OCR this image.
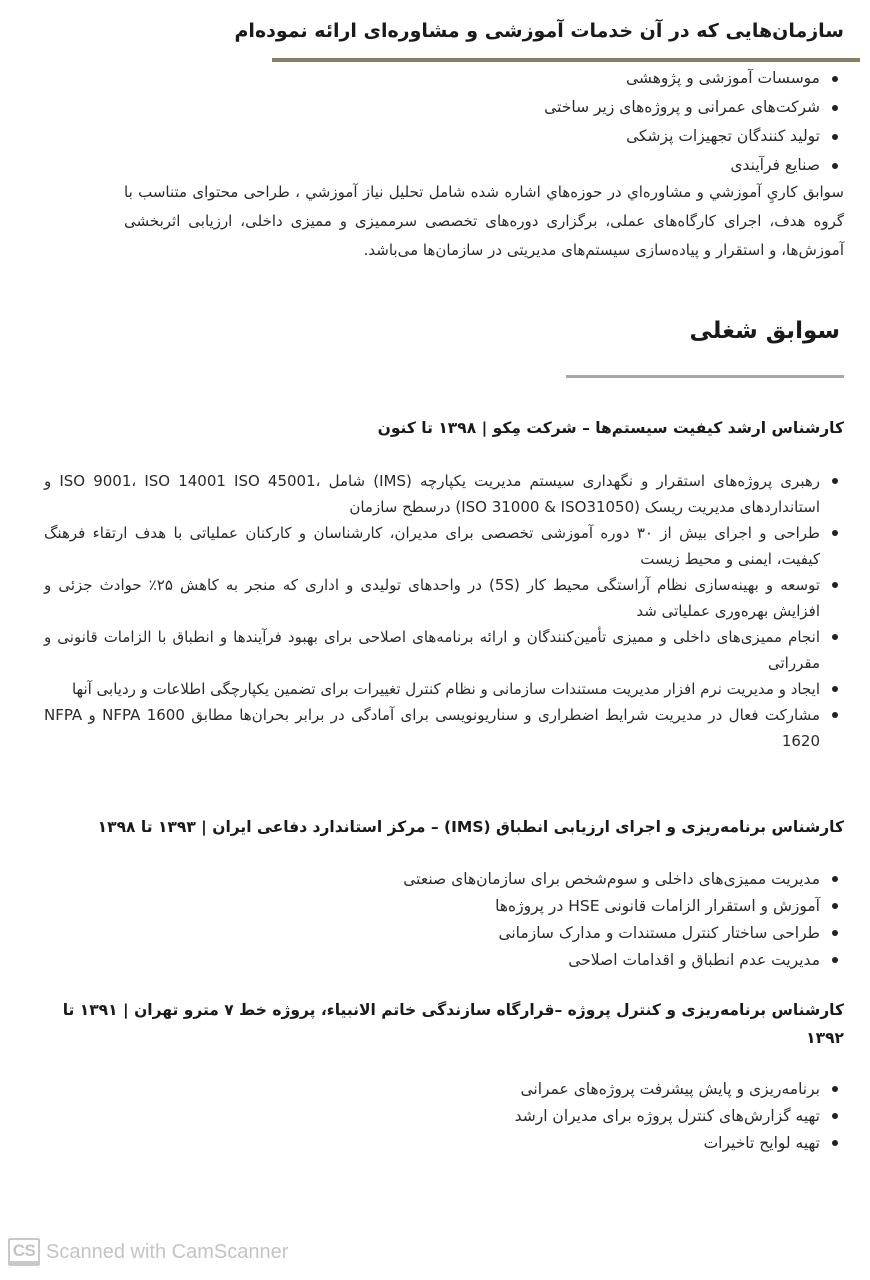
سازمان‌هایی که در آن خدمات آموزشی و مشاوره‌ای ارائه نموده‌ام
موسسات آموزشی و پژوهشی
شرکت‌های عمرانی و پروژه‌های زیر ساختی
تولید کنندگان تجهیزات پزشکی
صنایع فرآیندی

سوابق كاريِ آموزشي و مشاوره‌اي در حوزه‌هاي اشاره شده شامل تحليل نياز آموزشي ، طراحی محتوای متناسب با گروه هدف، اجرای کارگاه‌های عملی، برگزاری دوره‌های تخصصی سرممیزی و ممیزی داخلی، ارزیابی اثربخشی آموزش‌ها، و استقرار و پیاده‌سازی سیستم‌های مدیریتی در سازمان‌ها می‌باشد.

سوابق شغلی
کارشناس ارشد کیفیت سیستم‌ها – شرکت مِکو | ۱۳۹۸ تا کنون
رهبری پروژه‌های استقرار و نگهداری سیستم مدیریت یکپارچه (IMS) شامل ،ISO 9001، ISO 14001 ISO 45001 و استانداردهای مدیریت ریسک (ISO 31000 & ISO31050) درسطح سازمان
طراحی و اجرای بیش از ۳۰ دوره آموزشی تخصصی برای مدیران، کارشناسان و کارکنان عملیاتی با هدف ارتقاء فرهنگ کیفیت، ایمنی و محیط زیست
توسعه و بهینه‌سازی نظام آراستگی محیط کار (5S) در واحدهای تولیدی و اداری که منجر به کاهش ۲۵٪ حوادث جزئی و افزایش بهره‌وری عملیاتی شد
انجام ممیزی‌های داخلی و ممیزی تأمین‌کنندگان و ارائه برنامه‌های اصلاحی برای بهبود فرآیندها و انطباق با الزامات قانونی و مقرراتی
ایجاد و مدیریت نرم افزار مدیریت مستندات سازمانی و نظام کنترل تغییرات برای تضمین یکپارچگی اطلاعات و ردیابی آنها
مشارکت فعال در مدیریت شرایط اضطراری و سناریونویسی برای آمادگی در برابر بحران‌ها مطابق NFPA 1600 و NFPA 1620
کارشناس برنامه‌ریزی و اجرای ارزیابی انطباق (IMS) – مرکز استاندارد دفاعی ایران | ۱۳۹۳ تا ۱۳۹۸
مدیریت ممیزی‌های داخلی و سوم‌شخص برای سازمان‌های صنعتی
آموزش و استقرار الزامات قانونی HSE در پروژه‌ها
طراحی ساختار کنترل مستندات و مدارک سازمانی
مدیریت عدم انطباق و اقدامات اصلاحی
کارشناس برنامه‌ریزی و کنترل پروژه –قرارگاه سازندگی خاتم الانبیاء، پروژه خط ۷ مترو تهران | ۱۳۹۱ تا ۱۳۹۲
برنامه‌ریزی و پایش پیشرفت پروژه‌های عمرانی
تهیه گزارش‌های کنترل پروژه برای مدیران ارشد
تهیه لوایح تاخیرات
CS Scanned with CamScanner
